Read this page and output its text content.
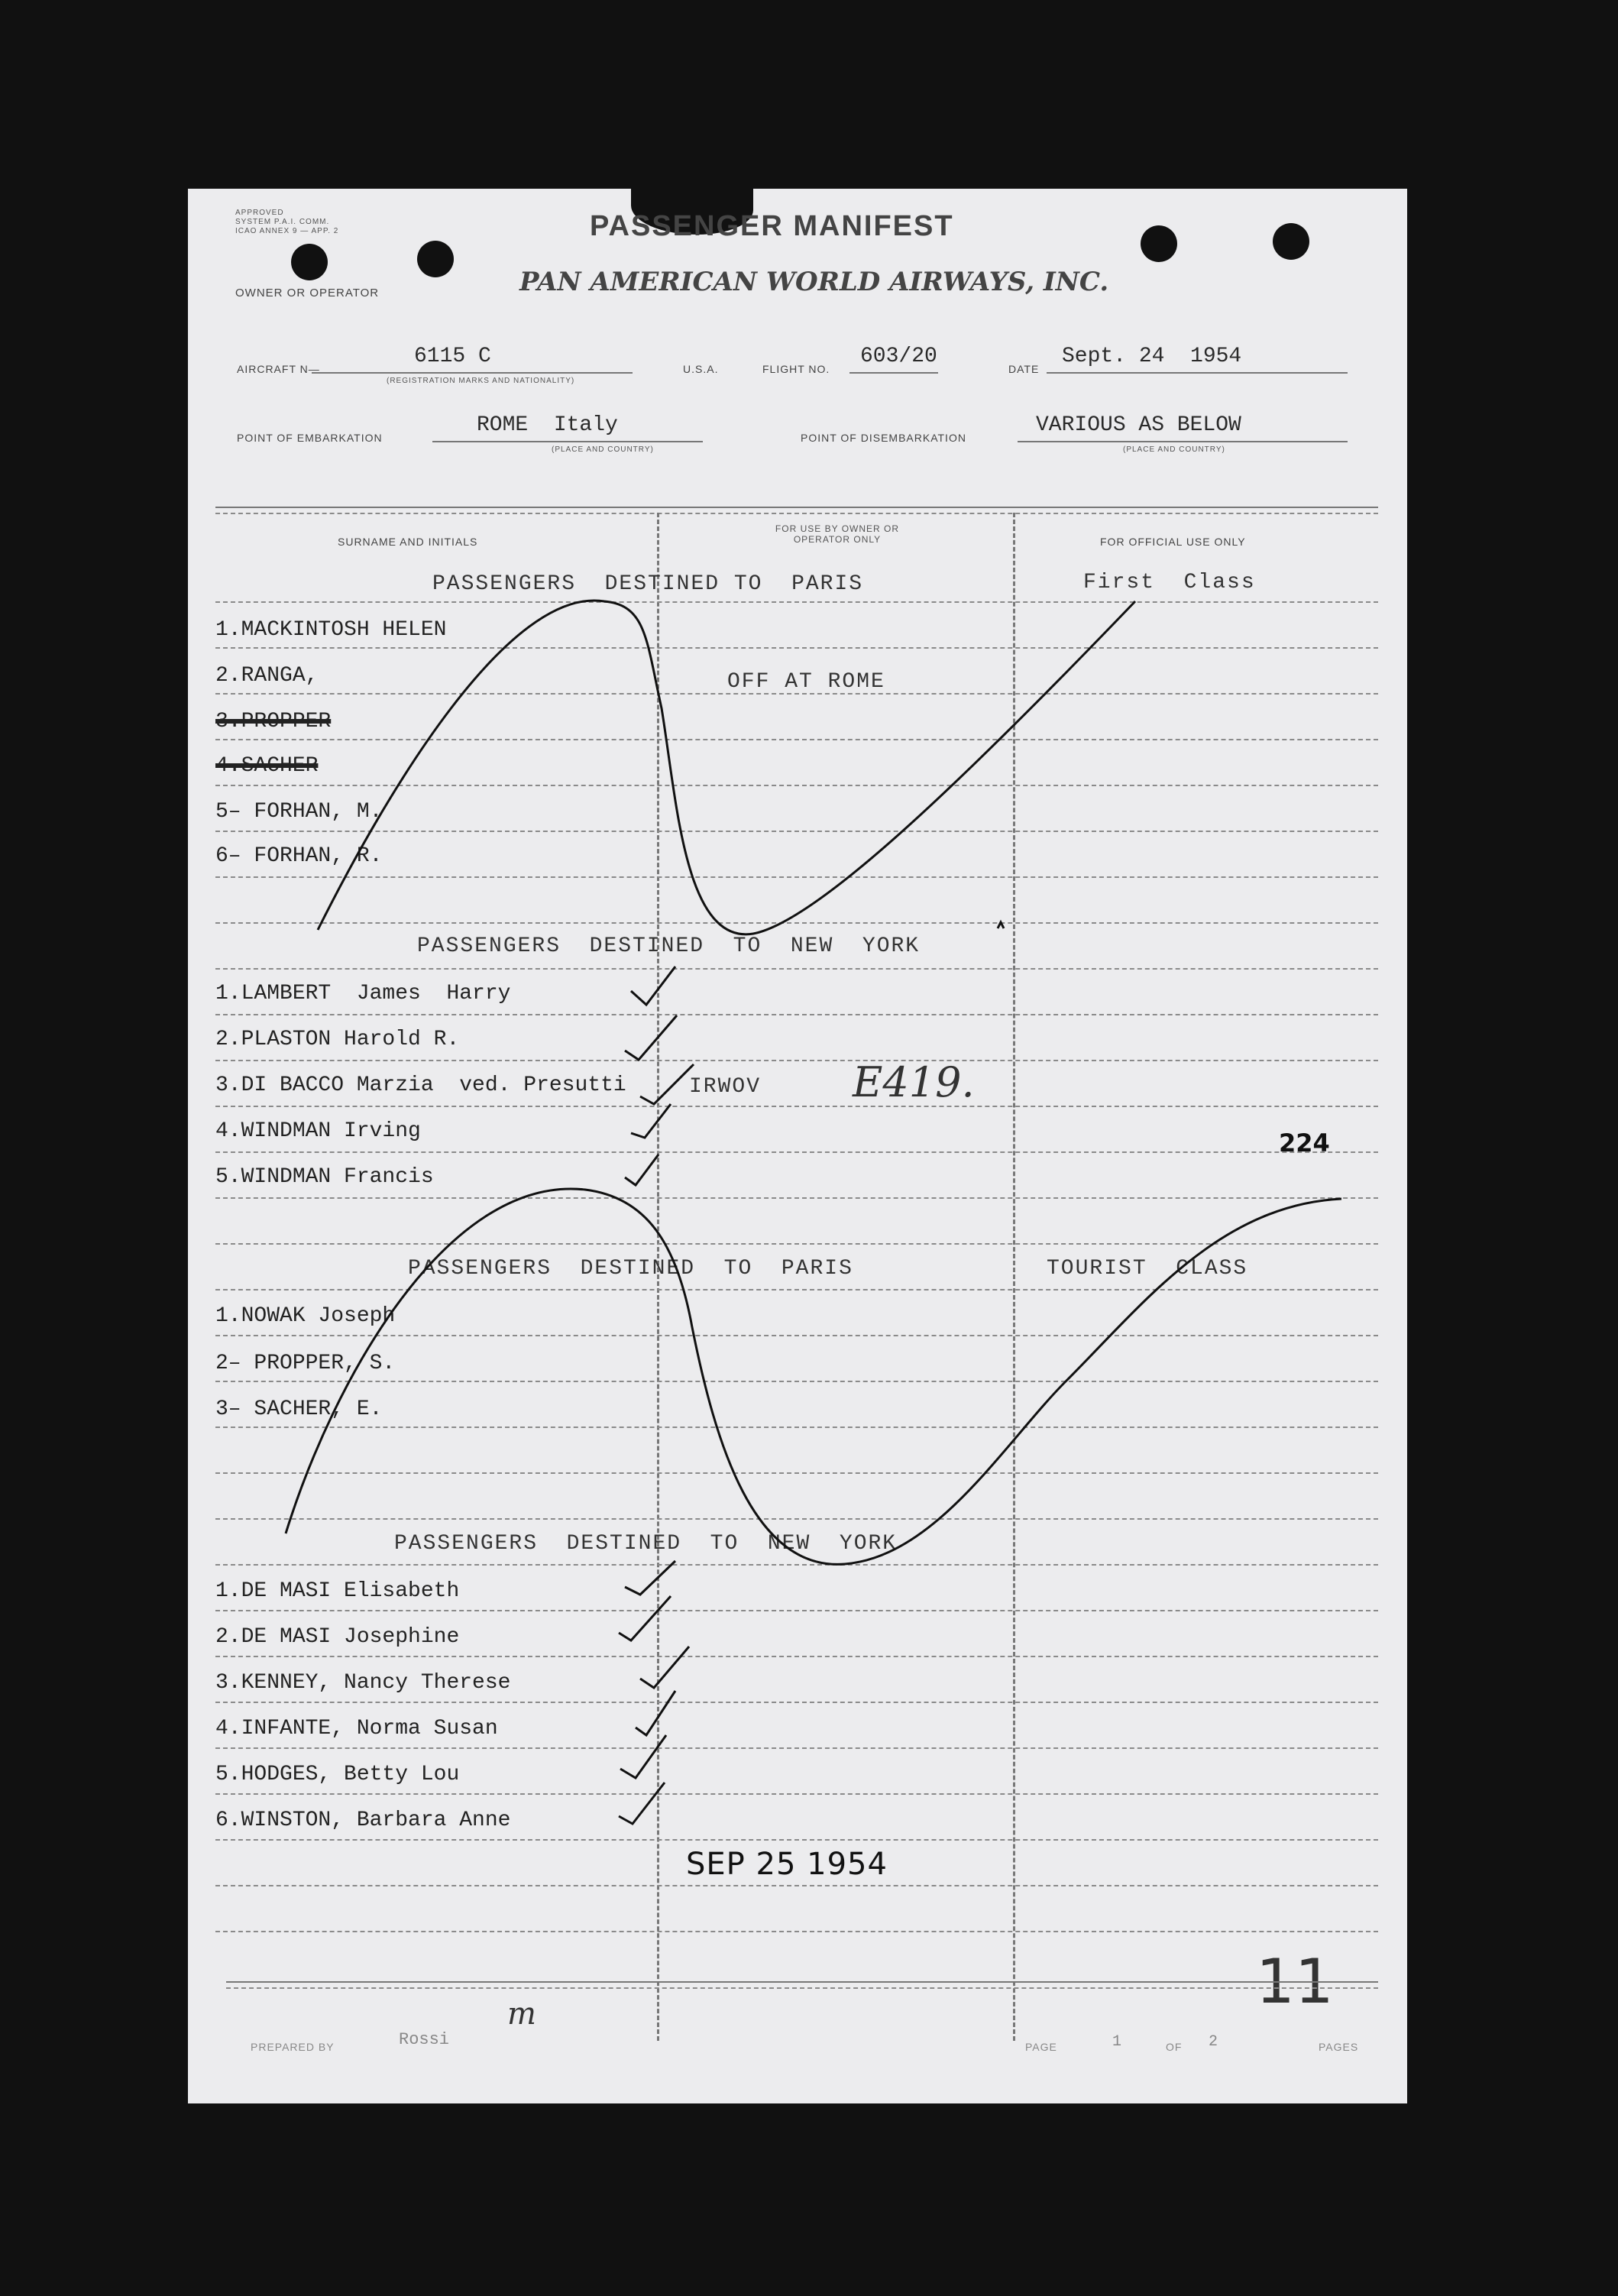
APPROVED
SYSTEM P.A.I. COMM.
ICAO ANNEX 9 — APP. 2	PASSENGER MANIFEST
PAN AMERICAN WORLD AIRWAYS, INC.
OWNER OR OPERATOR
AIRCRAFT N—
6115 C
(REGISTRATION MARKS AND NATIONALITY)
U.S.A.	FLIGHT NO.
603/20
DATE
Sept. 24  1954
POINT OF EMBARKATION
ROME  Italy
(PLACE AND COUNTRY)
POINT OF DISEMBARKATION
VARIOUS AS BELOW
(PLACE AND COUNTRY)
SURNAME AND INITIALS
FOR USE BY OWNER OR OPERATOR ONLY	FOR OFFICIAL USE ONLY
PASSENGERS  DESTINED TO  PARIS	First  Class
1.MACKINTOSH HELEN
2.RANGA,	OFF AT ROME
3.PROPPER
4.SACHER
5– FORHAN, M.
6– FORHAN, R.
PASSENGERS  DESTINED  TO  NEW  YORK
1.LAMBERT  James  Harry
2.PLASTON Harold R.
3.DI BACCO Marzia  ved. Presutti	IRWOV
4.WINDMAN Irving
5.WINDMAN Francis
PASSENGERS  DESTINED  TO  PARIS	TOURIST  CLASS
1.NOWAK Joseph
2– PROPPER, S.
3– SACHER, E.
PASSENGERS  DESTINED  TO  NEW  YORK
1.DE MASI Elisabeth
2.DE MASI Josephine
3.KENNEY, Nancy Therese
4.INFANTE, Norma Susan
5.HODGES, Betty Lou
6.WINSTON, Barbara Anne
E419.
224
SEP 25 1954
11
PREPARED BY	Rossi
m
PAGE	1	OF 2	PAGES
